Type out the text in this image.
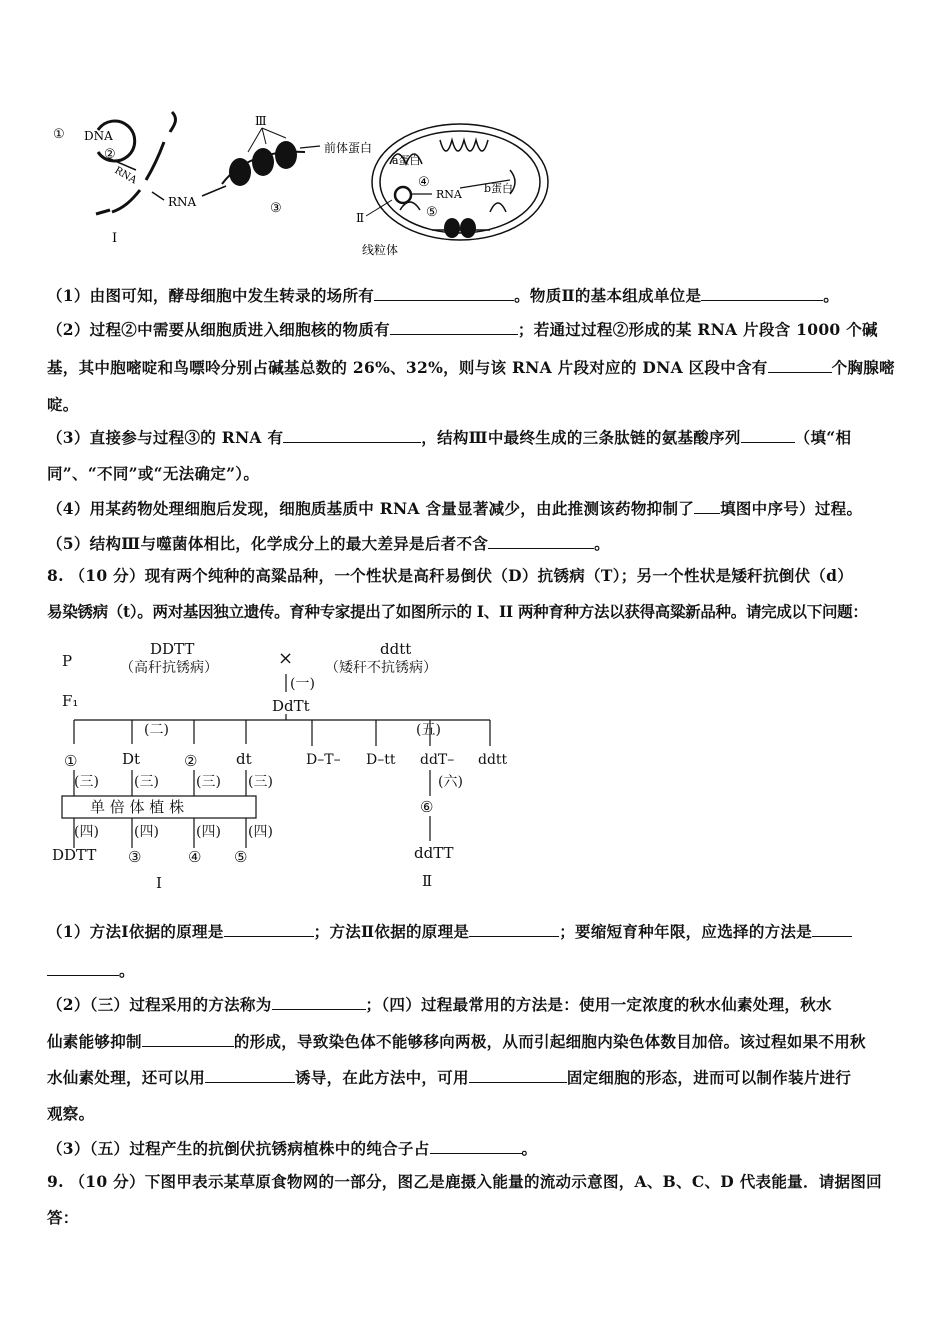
① DNA
②
RNA
RNA
I
Ⅲ
③
前体蛋白
a蛋白
④
RNA
⑤
b蛋白
Ⅱ
线粒体
（1）由图可知，酵母细胞中发生转录的场所有	。物质Ⅱ的基本组成单位是	。
（2）过程②中需要从细胞质进入细胞核的物质有	；若通过过程②形成的某 RNA 片段含 1000 个碱
基，其中胞嘧啶和鸟嘌呤分别占碱基总数的 26%、32%，则与该 RNA 片段对应的 DNA 区段中含有	个胸腺嘧
啶。
（3）直接参与过程③的 RNA 有	，结构Ⅲ中最终生成的三条肽链的氨基酸序列	（填“相
同”、“不同”或“无法确定”）。
（4）用某药物处理细胞后发现，细胞质基质中 RNA 含量显著减少，由此推测该药物抑制了 填图中序号）过程。
（5）结构Ⅲ与噬菌体相比，化学成分上的最大差异是后者不含	。
8. （10 分）现有两个纯种的高粱品种，一个性状是高秆易倒伏（D）抗锈病（T）；另一个性状是矮秆抗倒伏（d）
易染锈病（t）。两对基因独立遗传。育种专家提出了如图所示的 I、II 两种育种方法以获得高粱新品种。请完成以下问题：
P
F₁
DDTT
（高秆抗锈病）	×	ddtt
（矮秆不抗锈病）
(一)
DdTt
(二)	(五)
①	Dt	②	dt
(三)	(三)	(三) (三)
单 倍 体 植 株
(四)	(四)	(四) (四)
DDTT ③	④ ⑤
D–T– D–tt ddT– ddtt
(六)
⑥
ddTT
I	Ⅱ
（1）方法Ⅰ依据的原理是	；方法Ⅱ依据的原理是	；要缩短育种年限，应选择的方法是
。
（2）（三）过程采用的方法称为	；（四）过程最常用的方法是：使用一定浓度的秋水仙素处理，秋水
仙素能够抑制	的形成，导致染色体不能够移向两极，从而引起细胞内染色体数目加倍。该过程如果不用秋
水仙素处理，还可以用	诱导，在此方法中，可用	固定细胞的形态，进而可以制作装片进行
观察。
（3）（五）过程产生的抗倒伏抗锈病植株中的纯合子占	。
9. （10 分）下图甲表示某草原食物网的一部分，图乙是鹿摄入能量的流动示意图，A、B、C、D 代表能量．请据图回
答：
